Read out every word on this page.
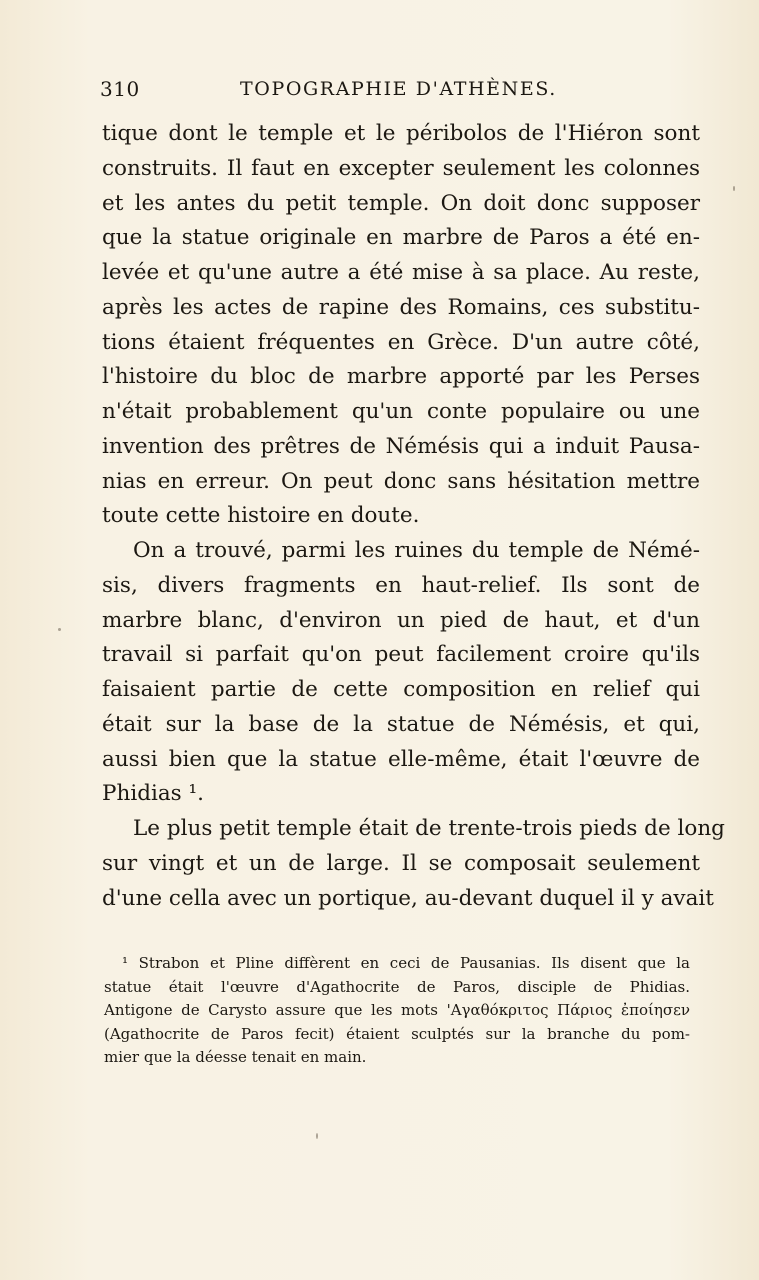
310	TOPOGRAPHIE D'ATHÈNES.
tique dont le temple et le péribolos de l'Hiéron sont
construits. Il faut en excepter seulement les colonnes
et les antes du petit temple. On doit donc supposer
que la statue originale en marbre de Paros a été en-
levée et qu'une autre a été mise à sa place. Au reste,
après les actes de rapine des Romains, ces substitu-
tions étaient fréquentes en Grèce. D'un autre côté,
l'histoire du bloc de marbre apporté par les Perses
n'était probablement qu'un conte populaire ou une
invention des prêtres de Némésis qui a induit Pausa-
nias en erreur. On peut donc sans hésitation mettre
toute cette histoire en doute.
On a trouvé, parmi les ruines du temple de Némé-
sis, divers fragments en haut-relief. Ils sont de
marbre blanc, d'environ un pied de haut, et d'un
travail si parfait qu'on peut facilement croire qu'ils
faisaient partie de cette composition en relief qui
était sur la base de la statue de Némésis, et qui,
aussi bien que la statue elle-même, était l'œuvre de
Phidias ¹.
Le plus petit temple était de trente-trois pieds de long
sur vingt et un de large. Il se composait seulement
d'une cella avec un portique, au-devant duquel il y avait
¹ Strabon et Pline diffèrent en ceci de Pausanias. Ils disent que la
statue était l'œuvre d'Agathocrite de Paros, disciple de Phidias.
Antigone de Carysto assure que les mots 'Αγαθόκριτος Πάριος ἐποίησεν
(Agathocrite de Paros fecit) étaient sculptés sur la branche du pom-
mier que la déesse tenait en main.
